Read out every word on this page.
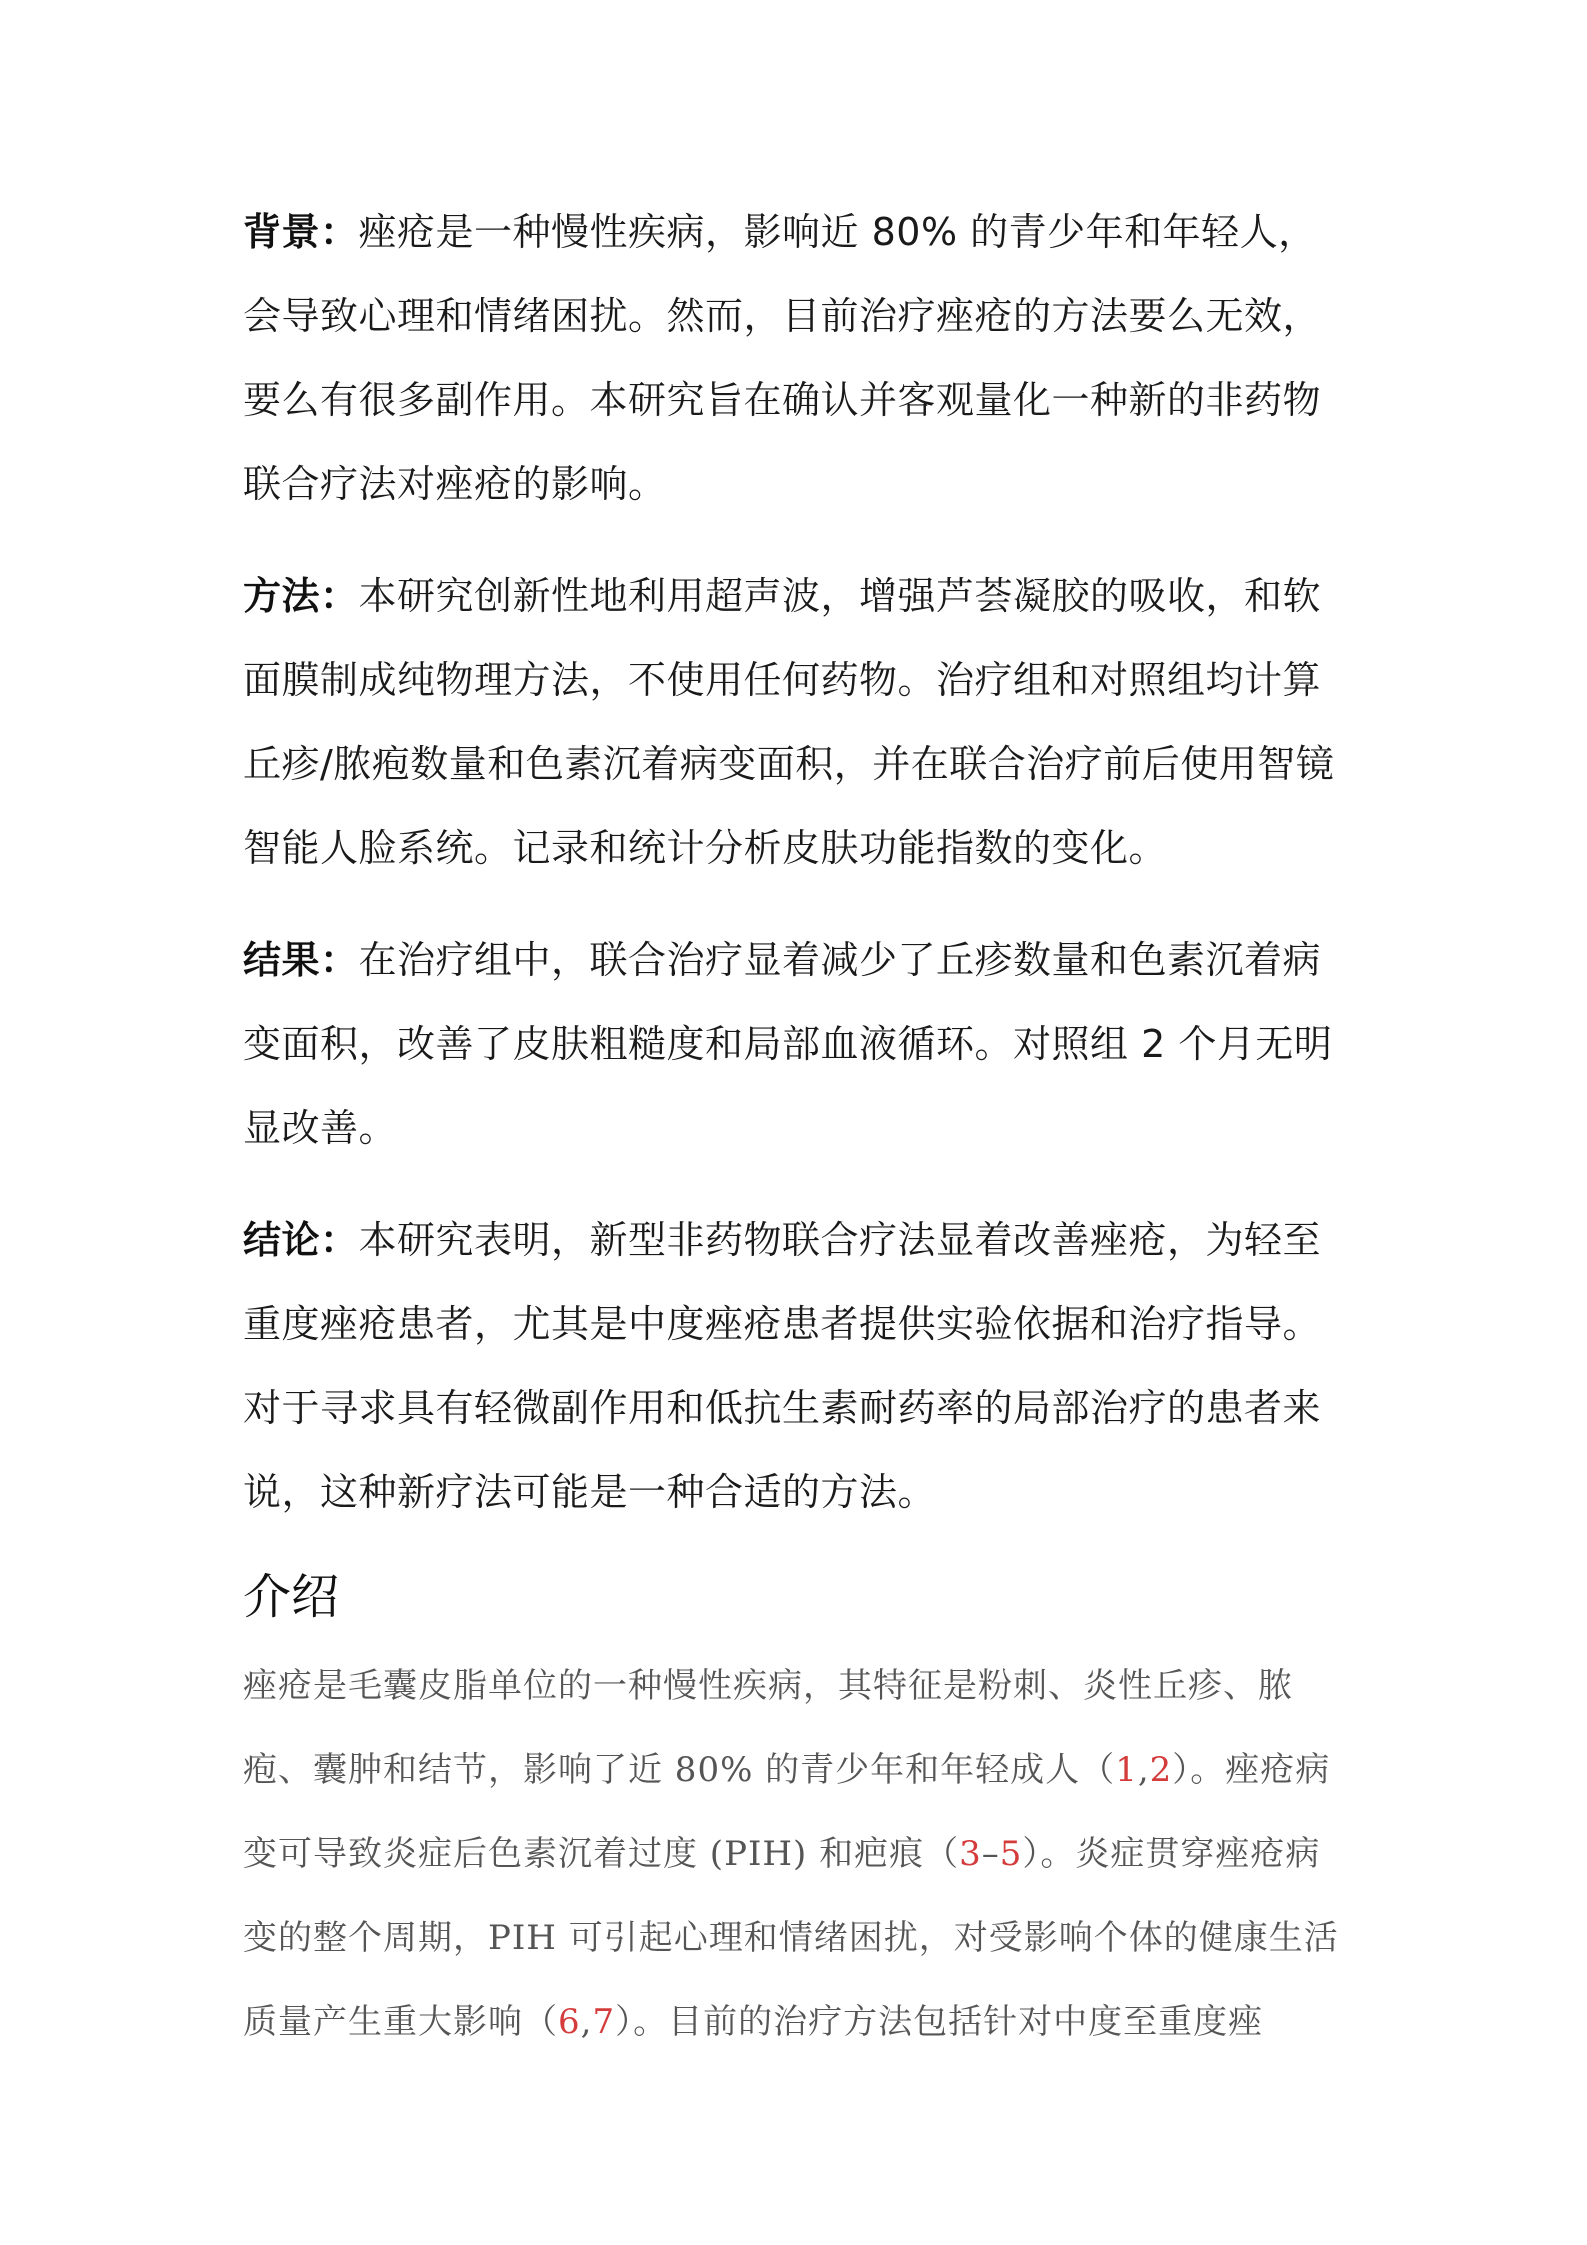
背景：痤疮是一种慢性疾病，影响近 80% 的青少年和年轻人，会导致心理和情绪困扰。然而，目前治疗痤疮的方法要么无效，要么有很多副作用。本研究旨在确认并客观量化一种新的非药物联合疗法对痤疮的影响。

方法：本研究创新性地利用超声波，增强芦荟凝胶的吸收，和软面膜制成纯物理方法，不使用任何药物。治疗组和对照组均计算丘疹/脓疱数量和色素沉着病变面积，并在联合治疗前后使用智镜智能人脸系统。记录和统计分析皮肤功能指数的变化。

结果：在治疗组中，联合治疗显着减少了丘疹数量和色素沉着病变面积，改善了皮肤粗糙度和局部血液循环。对照组 2 个月无明显改善。

结论：本研究表明，新型非药物联合疗法显着改善痤疮，为轻至重度痤疮患者，尤其是中度痤疮患者提供实验依据和治疗指导。对于寻求具有轻微副作用和低抗生素耐药率的局部治疗的患者来说，这种新疗法可能是一种合适的方法。

介绍

痤疮是毛囊皮脂单位的一种慢性疾病，其特征是粉刺、炎性丘疹、脓疱、囊肿和结节，影响了近 80% 的青少年和年轻成人（1,2）。痤疮病变可导致炎症后色素沉着过度 (PIH) 和疤痕（3–5）。炎症贯穿痤疮病变的整个周期，PIH 可引起心理和情绪困扰，对受影响个体的健康生活质量产生重大影响（6,7）。目前的治疗方法包括针对中度至重度痤
